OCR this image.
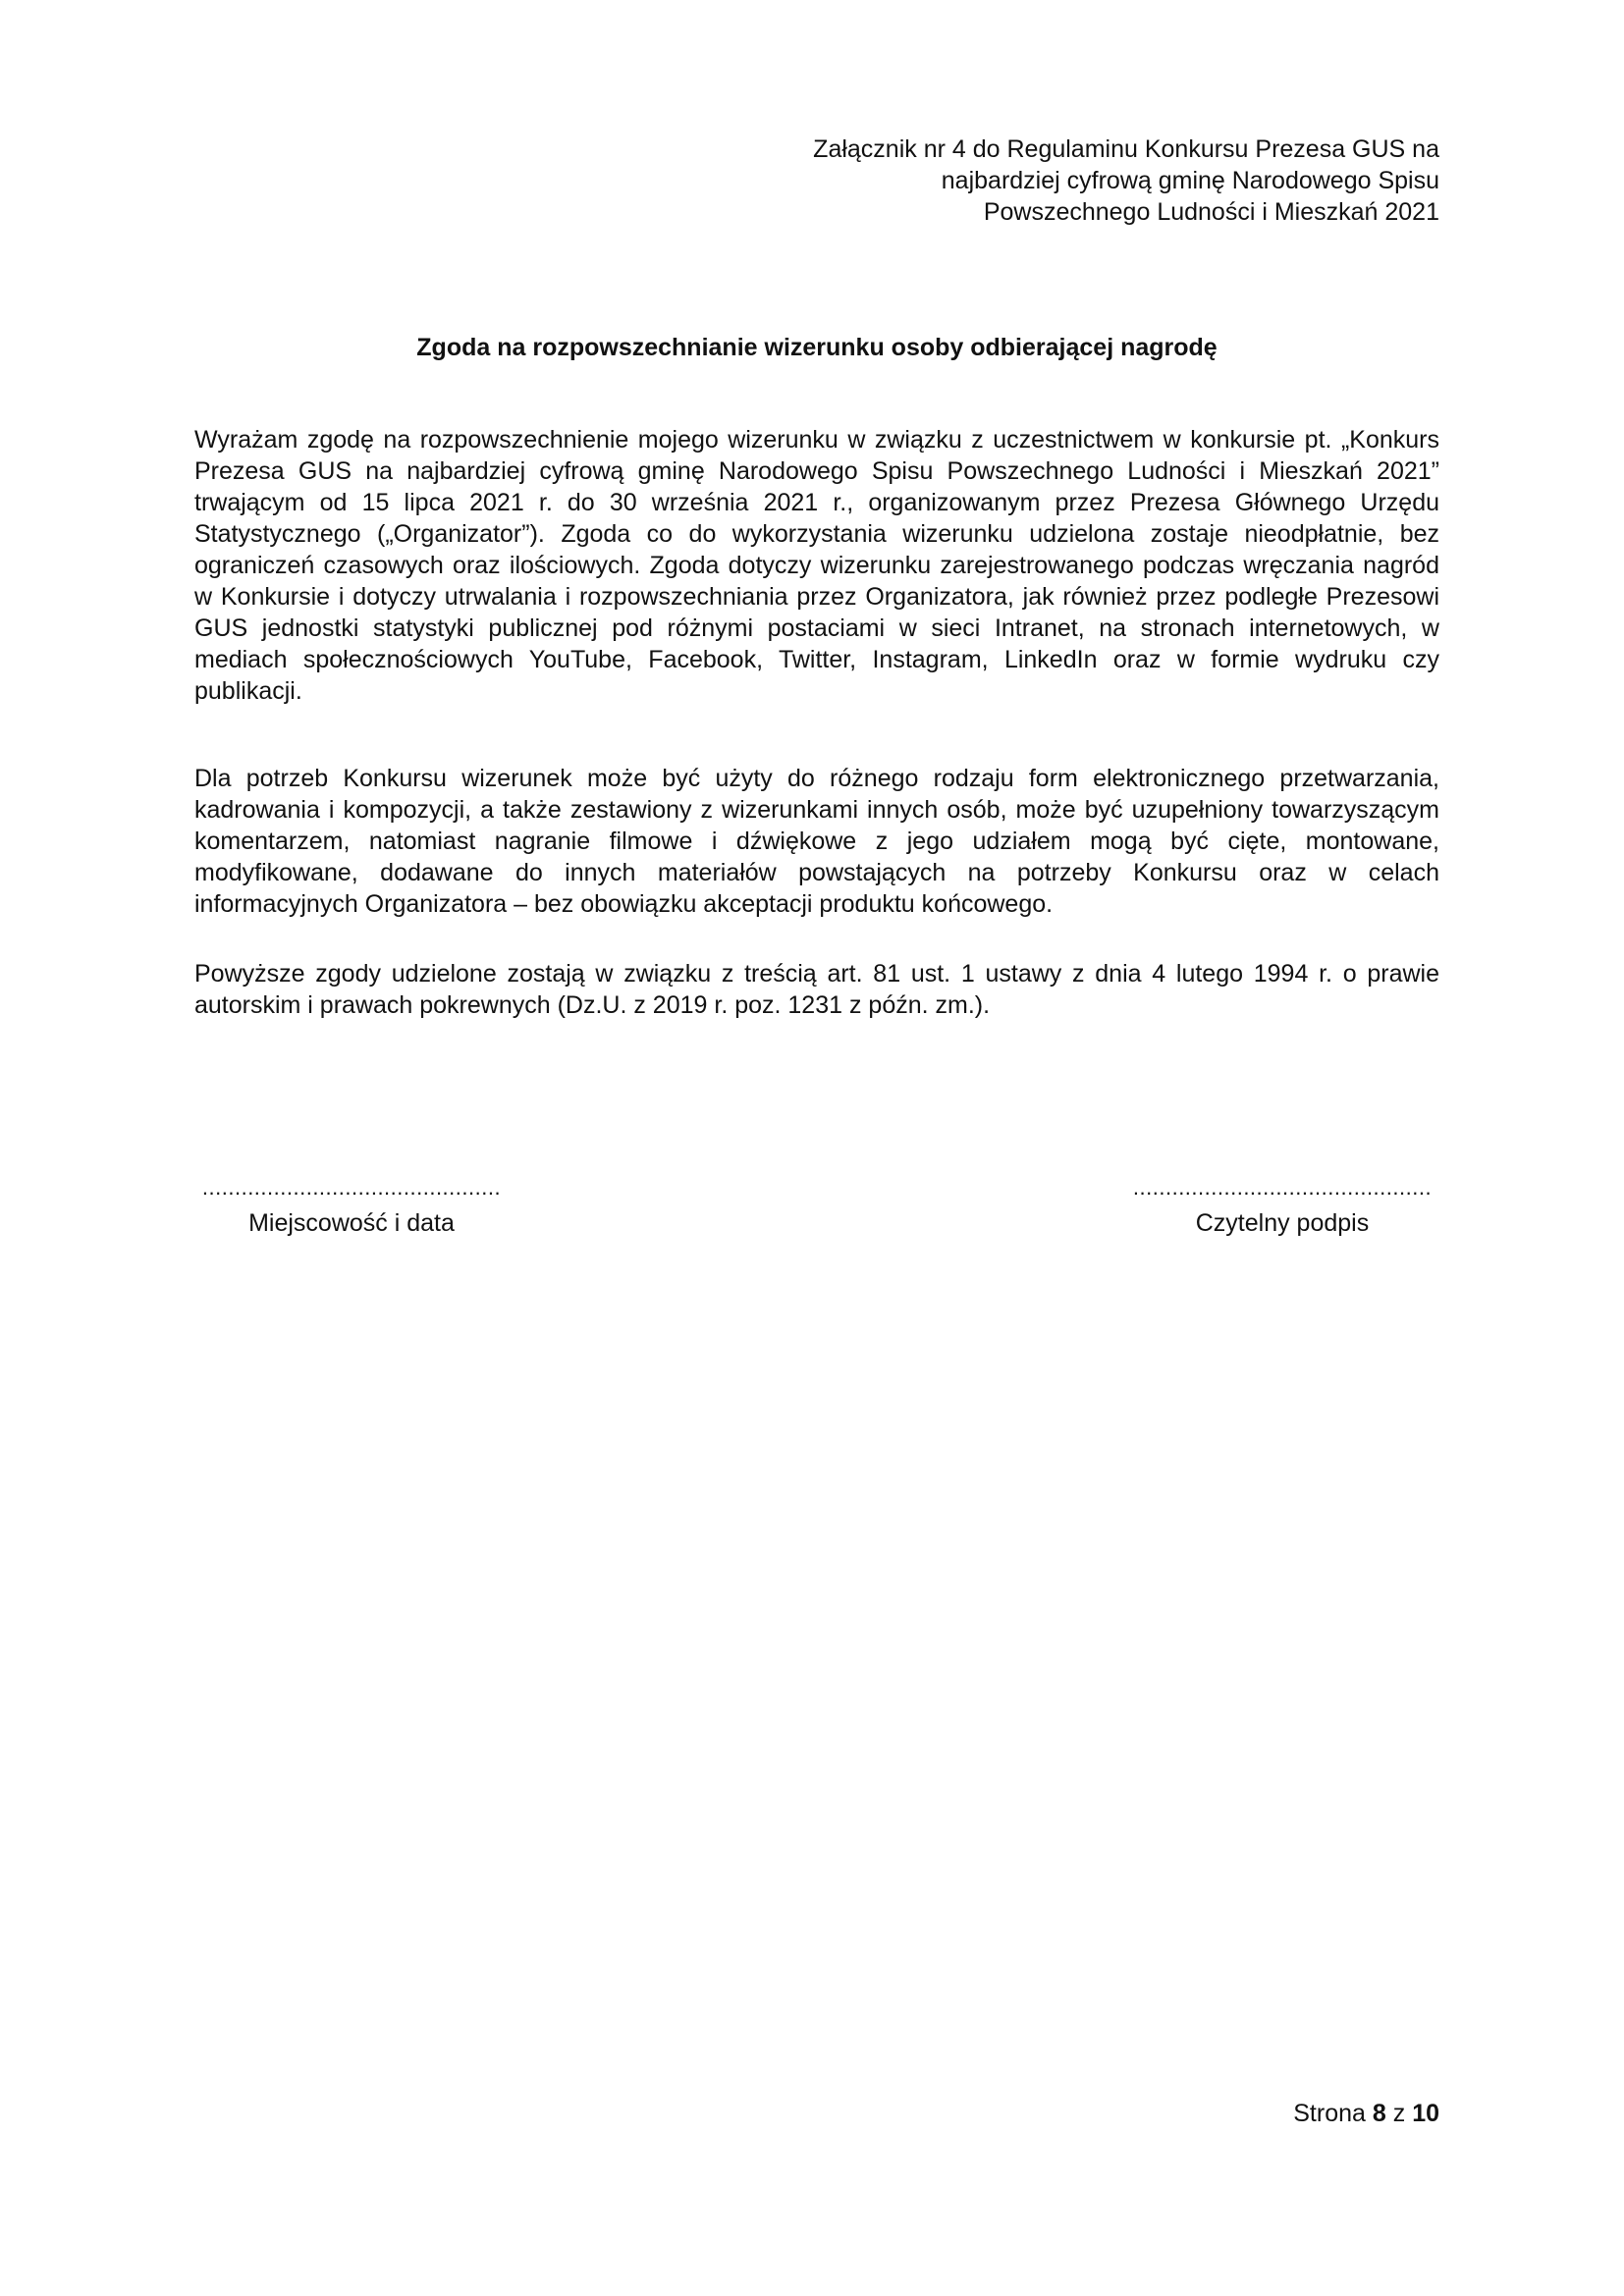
Załącznik nr 4 do Regulaminu Konkursu Prezesa GUS na
najbardziej cyfrową gminę Narodowego Spisu
Powszechnego Ludności i Mieszkań 2021
Zgoda na rozpowszechnianie wizerunku osoby odbierającej nagrodę

Wyrażam zgodę na rozpowszechnienie mojego wizerunku w związku z uczestnictwem w konkursie pt. „Konkurs Prezesa GUS na najbardziej cyfrową gminę Narodowego Spisu Powszechnego Ludności i Mieszkań 2021” trwającym od 15 lipca 2021 r. do 30 września 2021 r., organizowanym przez Prezesa Głównego Urzędu Statystycznego („Organizator”). Zgoda co do wykorzystania wizerunku udzielona zostaje nieodpłatnie, bez ograniczeń czasowych oraz ilościowych. Zgoda dotyczy wizerunku zarejestrowanego podczas wręczania nagród w Konkursie i dotyczy utrwalania i rozpowszechniania przez Organizatora, jak również przez podległe Prezesowi GUS jednostki statystyki publicznej pod różnymi postaciami w sieci Intranet, na stronach internetowych, w mediach społecznościowych YouTube, Facebook, Twitter, Instagram, LinkedIn oraz w formie wydruku czy publikacji.

Dla potrzeb Konkursu wizerunek może być użyty do różnego rodzaju form elektronicznego przetwarzania, kadrowania i kompozycji, a także zestawiony z wizerunkami innych osób, może być uzupełniony towarzyszącym komentarzem, natomiast nagranie filmowe i dźwiękowe z jego udziałem mogą być cięte, montowane, modyfikowane, dodawane do innych materiałów powstających na potrzeby Konkursu oraz w celach informacyjnych Organizatora – bez obowiązku akceptacji produktu końcowego.

Powyższe zgody udzielone zostają w związku z treścią art. 81 ust. 1 ustawy z dnia 4 lutego 1994 r. o prawie autorskim i prawach pokrewnych (Dz.U. z 2019 r. poz. 1231 z późn. zm.).

..............................................
Miejscowość i data
..............................................
Czytelny podpis
Strona 8 z 10
